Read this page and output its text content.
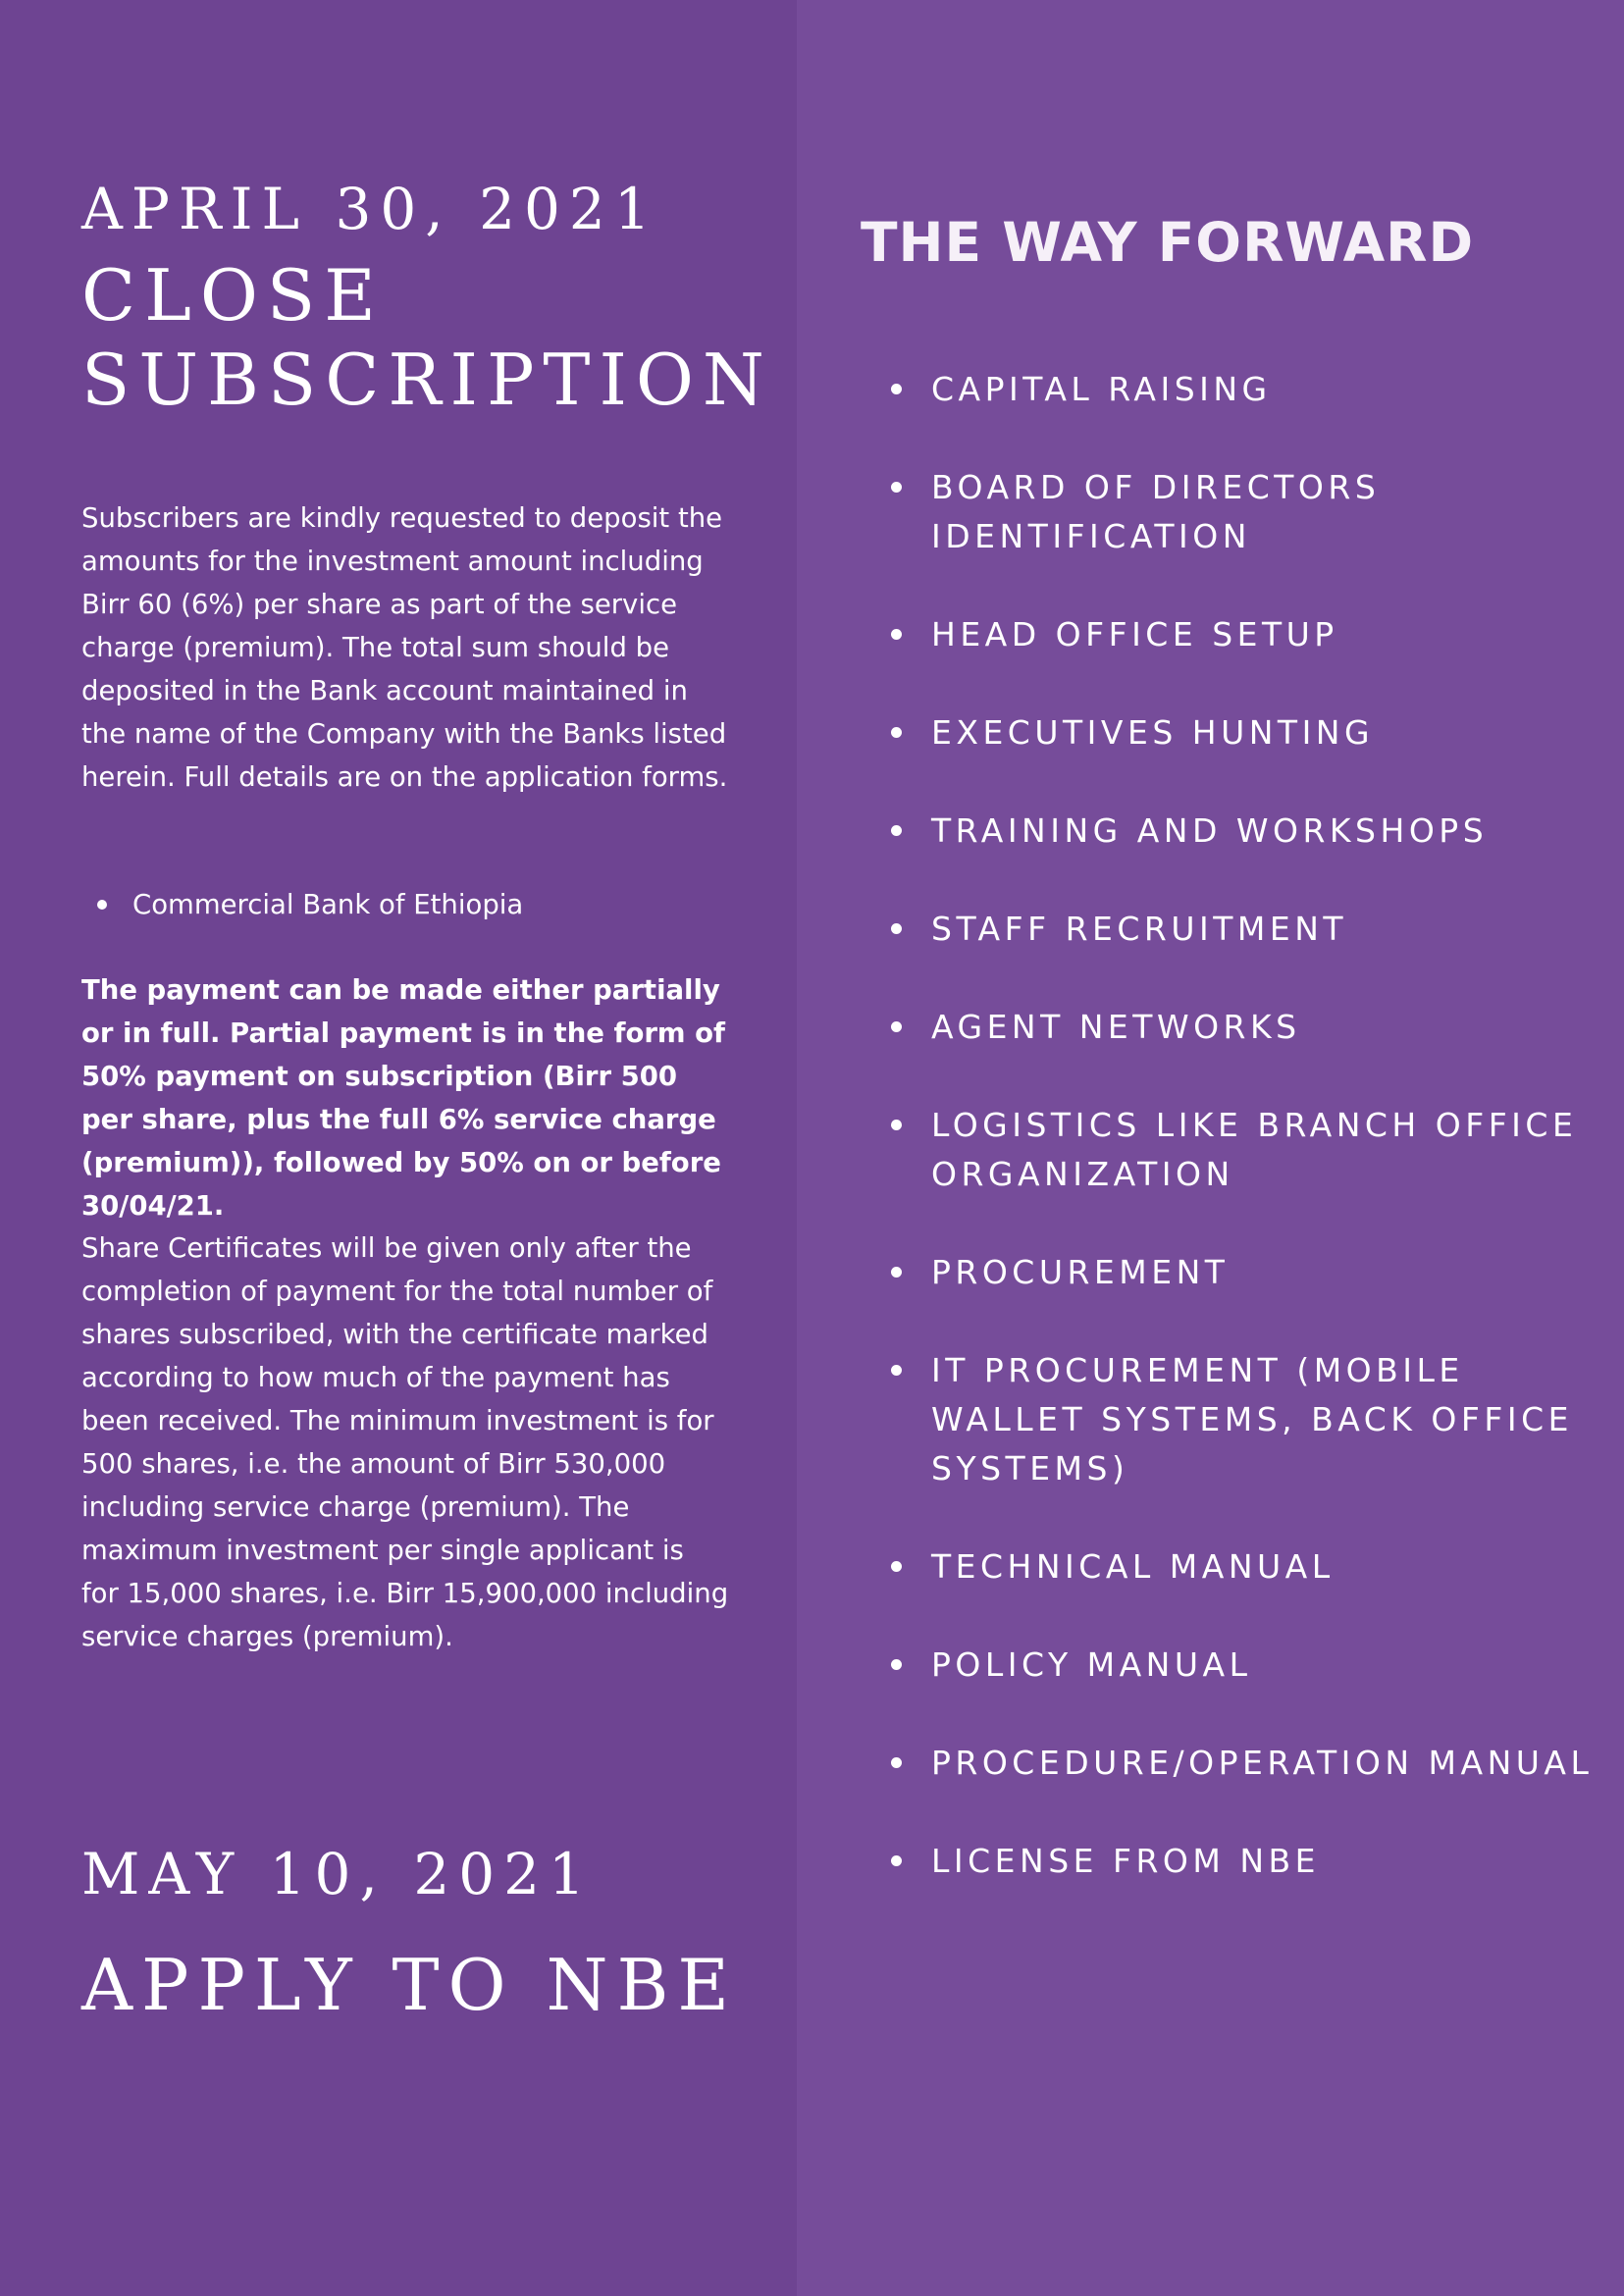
APRIL 30, 2021
CLOSE
SUBSCRIPTION

Subscribers are kindly requested to deposit the amounts for the investment amount including Birr 60 (6%) per share as part of the service charge (premium). The total sum should be deposited in the Bank account maintained in the name of the Company with the Banks listed herein. Full details are on the application forms.

Commercial Bank of Ethiopia

The payment can be made either partially or in full. Partial payment is in the form of 50% payment on subscription (Birr 500 per share, plus the full 6% service charge (premium)), followed by 50% on or before 30/04/21.

Share Certificates will be given only after the completion of payment for the total number of shares subscribed, with the certificate marked according to how much of the payment has been received. The minimum investment is for 500 shares, i.e. the amount of Birr 530,000 including service charge (premium). The maximum investment per single applicant is for 15,000 shares, i.e. Birr 15,900,000 including service charges (premium).

MAY 10, 2021
APPLY TO NBE
THE WAY FORWARD
CAPITAL RAISING
BOARD OF DIRECTORS IDENTIFICATION
HEAD OFFICE SETUP
EXECUTIVES HUNTING
TRAINING AND WORKSHOPS
STAFF RECRUITMENT
AGENT NETWORKS
LOGISTICS LIKE BRANCH OFFICE ORGANIZATION
PROCUREMENT
IT PROCUREMENT (MOBILE WALLET SYSTEMS, BACK OFFICE SYSTEMS)
TECHNICAL MANUAL
POLICY MANUAL
PROCEDURE/OPERATION MANUAL
LICENSE FROM NBE
